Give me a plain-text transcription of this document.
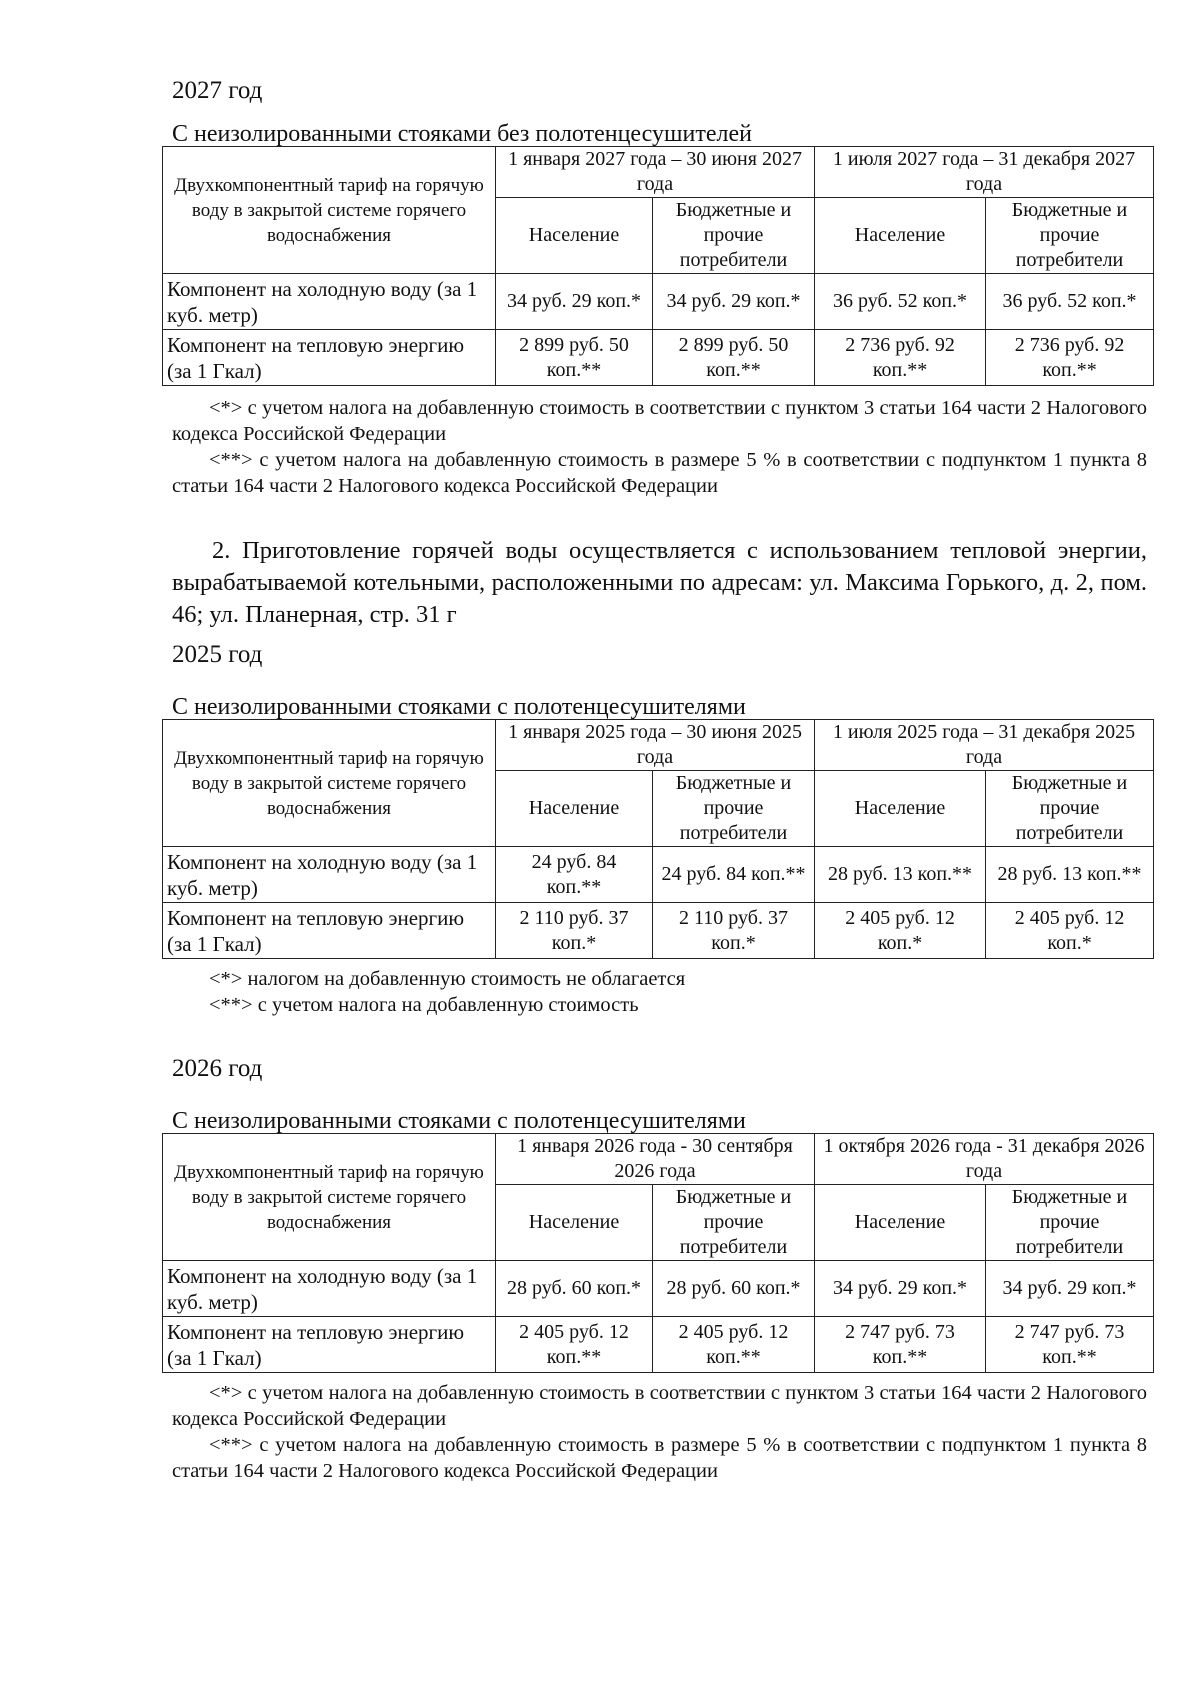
2027 год
С неизолированными стояками без полотенцесушителей
Двухкомпонентный тариф на горячую воду в закрытой системе горячего водоснабжения	1 января 2027 года – 30 июня 2027 года		1 июля 2027 года – 31 декабря 2027 года	
	Население	Бюджетные и прочие потребители	Население	Бюджетные и прочие потребители
Компонент на холодную воду (за 1 куб. метр)	34 руб. 29 коп.*	34 руб. 29 коп.*	36 руб. 52 коп.*	36 руб. 52 коп.*
Компонент на тепловую энергию (за 1 Гкал)	2 899 руб. 50 коп.**	2 899 руб. 50 коп.**	2 736 руб. 92 коп.**	2 736 руб. 92 коп.**
<*> с учетом налога на добавленную стоимость в соответствии с пунктом 3 статьи 164 части 2 Налогового кодекса Российской Федерации
<**> с учетом налога на добавленную стоимость в размере 5 % в соответствии с подпунктом 1 пункта 8 статьи 164 части 2 Налогового кодекса Российской Федерации
2. Приготовление горячей воды осуществляется с использованием тепловой энергии, вырабатываемой котельными, расположенными по адресам: ул. Максима Горького, д. 2, пом. 46; ул. Планерная, стр. 31 г
2025 год
С неизолированными стояками с полотенцесушителями
Двухкомпонентный тариф на горячую воду в закрытой системе горячего водоснабжения	1 января 2025 года – 30 июня 2025 года		1 июля 2025 года – 31 декабря 2025 года	
	Население	Бюджетные и прочие потребители	Население	Бюджетные и прочие потребители
Компонент на холодную воду (за 1 куб. метр)	24 руб. 84 коп.**	24 руб. 84 коп.**	28 руб. 13 коп.**	28 руб. 13 коп.**
Компонент на тепловую энергию (за 1 Гкал)	2 110 руб. 37 коп.*	2 110 руб. 37 коп.*	2 405 руб. 12 коп.*	2 405 руб. 12 коп.*
<*> налогом на добавленную стоимость не облагается
<**> с учетом налога на добавленную стоимость
2026 год
С неизолированными стояками с полотенцесушителями
Двухкомпонентный тариф на горячую воду в закрытой системе горячего водоснабжения	1 января 2026 года - 30 сентября 2026 года		1 октября 2026 года - 31 декабря 2026 года	
	Население	Бюджетные и прочие потребители	Население	Бюджетные и прочие потребители
Компонент на холодную воду (за 1 куб. метр)	28 руб. 60 коп.*	28 руб. 60 коп.*	34 руб. 29 коп.*	34 руб. 29 коп.*
Компонент на тепловую энергию (за 1 Гкал)	2 405 руб. 12 коп.**	2 405 руб. 12 коп.**	2 747 руб. 73 коп.**	2 747 руб. 73 коп.**
<*> с учетом налога на добавленную стоимость в соответствии с пунктом 3 статьи 164 части 2 Налогового кодекса Российской Федерации
<**> с учетом налога на добавленную стоимость в размере 5 % в соответствии с подпунктом 1 пункта 8 статьи 164 части 2 Налогового кодекса Российской Федерации
